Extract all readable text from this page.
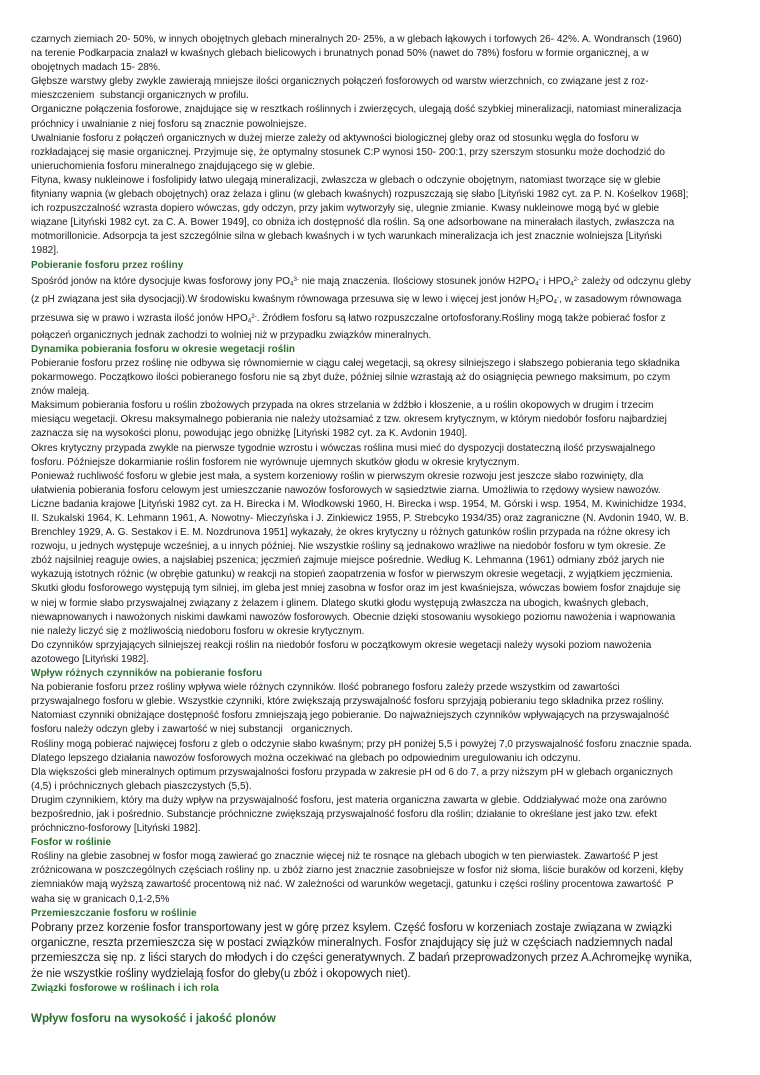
czarnych ziemiach 20- 50%, w innych obojętnych glebach mineralnych 20- 25%, a w glebach łąkowych i torfowych 26- 42%. A. Wondransch (1960)
na terenie Podkarpacia znalazł w kwaśnych glebach bielicowych i brunatnych ponad 50% (nawet do 78%) fosforu w formie organicznej, a w
obojętnych madach 15- 28%.
Głębsze warstwy gleby zwykle zawierają mniejsze ilości organicznych połączeń fosforowych od warstw wierzchnich, co związane jest z roz-
mieszczeniem  substancji organicznych w profilu.
Organiczne połączenia fosforowe, znajdujące się w resztkach roślinnych i zwierzęcych, ulegają dość szybkiej mineralizacji, natomiast mineralizacja
próchnicy i uwalnianie z niej fosforu są znacznie powolniejsze.
Uwalnianie fosforu z połączeń organicznych w dużej mierze zależy od aktywności biologicznej gleby oraz od stosunku węgla do fosforu w
rozkładającej się masie organicznej. Przyjmuje się, że optymalny stosunek C:P wynosi 150- 200:1, przy szerszym stosunku może dochodzić do
unieruchomienia fosforu mineralnego znajdującego się w glebie.
Fityna, kwasy nukleinowe i fosfolipidy łatwo ulegają mineralizacji, zwłaszcza w glebach o odczynie obojętnym, natomiast tworzące się w glebie
fityniany wapnia (w glebach obojętnych) oraz żelaza i glinu (w glebach kwaśnych) rozpuszczają się słabo [Lityński 1982 cyt. za P. N. Kośelkov 1968];
ich rozpuszczalność wzrasta dopiero wówczas, gdy odczyn, przy jakim wytworzyły się, ulegnie zmianie. Kwasy nukleinowe mogą być w glebie
wiązane [Lityński 1982 cyt. za C. A. Bower 1949], co obniża ich dostępność dla roślin. Są one adsorbowane na minerałach ilastych, zwłaszcza na
motmorillonicie. Adsorpcja ta jest szczególnie silna w glebach kwaśnych i w tych warunkach mineralizacja ich jest znacznie wolniejsza [Lityński
1982].
Pobieranie fosforu przez rośliny
Spośród jonów na które dysocjuje kwas fosforowy jony $PO_4^{3-}$ nie mają znaczenia. Ilościowy stosunek jonów $H2PO_4^-$ i $HPO_4^{2-}$ zależy od odczynu gleby
(z pH związana jest siła dysocjacji).W środowisku kwaśnym równowaga przesuwa się w lewo i więcej jest jonów $H_2PO_4^-$, w zasadowym równowaga
przesuwa się w prawo i wzrasta ilość jonów $HPO_4^{2-}$. Źródłem fosforu są łatwo rozpuszczalne ortofosforany.Rośliny mogą także pobierać fosfor z
połączeń organicznych jednak zachodzi to wolniej niż w przypadku związków mineralnych.
Dynamika pobierania fosforu w okresie wegetacji roślin
Pobieranie fosforu przez roślinę nie odbywa się równomiernie w ciągu całej wegetacji, są okresy silniejszego i słabszego pobierania tego składnika
pokarmowego. Początkowo ilości pobieranego fosforu nie są zbyt duże, później silnie wzrastają aż do osiągnięcia pewnego maksimum, po czym
znów maleją.
Maksimum pobierania fosforu u roślin zbożowych przypada na okres strzelania w źdźbło i kłoszenie, a u roślin okopowych w drugim i trzecim
miesiącu wegetacji. Okresu maksymalnego pobierania nie należy utożsamiać z tzw. okresem krytycznym, w którym niedobór fosforu najbardziej
zaznacza się na wysokości plonu, powodując jego obniżkę [Lityński 1982 cyt. za K. Avdonin 1940].
Okres krytyczny przypada zwykle na pierwsze tygodnie wzrostu i wówczas roślina musi mieć do dyspozycji dostateczną ilość przyswajalnego
fosforu. Późniejsze dokarmianie roślin fosforem nie wyrównuje ujemnych skutków głodu w okresie krytycznym.
Ponieważ ruchliwość fosforu w glebie jest mała, a system korzeniowy roślin w pierwszym okresie rozwoju jest jeszcze słabo rozwinięty, dla
ułatwienia pobierania fosforu celowym jest umieszczanie nawozów fosforowych w sąsiedztwie ziarna. Umożliwia to rzędowy wysiew nawozów.
Liczne badania krajowe [Lityński 1982 cyt. za H. Birecka i M. Włodkowski 1960, H. Birecka i wsp. 1954, M. Górski i wsp. 1954, M. Kwinichidze 1934,
II. Szukalski 1964, K. Lehmann 1961, A. Nowotny- Mieczyńska i J. Zinkiewicz 1955, P. Strebcyko 1934/35) oraz zagraniczne (N. Avdonin 1940, W. B.
Brenchley 1929, A. G. Sestakov i E. M. Nozdrunova 1951] wykazały, że okres krytyczny u różnych gatunków roślin przypada na różne okresy ich
rozwoju, u jednych występuje wcześniej, a u innych później. Nie wszystkie rośliny są jednakowo wrażliwe na niedobór fosforu w tym okresie. Ze
zbóż najsilniej reaguje owies, a najsłabiej pszenica; jęczmień zajmuje miejsce pośrednie. Według K. Lehmanna (1961) odmiany zbóż jarych nie
wykazują istotnych różnic (w obrębie gatunku) w reakcji na stopień zaopatrzenia w fosfor w pierwszym okresie wegetacji, z wyjątkiem jęczmienia.
Skutki głodu fosforowego występują tym silniej, im gleba jest mniej zasobna w fosfor oraz im jest kwaśniejsza, wówczas bowiem fosfor znajduje się
w niej w formie słabo przyswajalnej związany z żelazem i glinem. Dlatego skutki głodu występują zwłaszcza na ubogich, kwaśnych glebach,
niewapnowanych i nawożonych niskimi dawkami nawozów fosforowych. Obecnie dzięki stosowaniu wysokiego poziomu nawożenia i wapnowania
nie należy liczyć się z możliwością niedoboru fosforu w okresie krytycznym.
Do czynników sprzyjających silniejszej reakcji roślin na niedobór fosforu w początkowym okresie wegetacji należy wysoki poziom nawożenia
azotowego [Lityński 1982].
Wpływ różnych czynników na pobieranie fosforu
Na pobieranie fosforu przez rośliny wpływa wiele różnych czynników. Ilość pobranego fosforu zależy przede wszystkim od zawartości
przyswajalnego fosforu w glebie. Wszystkie czynniki, które zwiększają przyswajalność fosforu sprzyjają pobieraniu tego składnika przez rośliny.
Natomiast czynniki obniżające dostępność fosforu zmniejszają jego pobieranie. Do najważniejszych czynników wpływających na przyswajalność
fosforu należy odczyn gleby i zawartość w niej substancji   organicznych.
Rośliny mogą pobierać najwięcej fosforu z gleb o odczynie słabo kwaśnym; przy pH poniżej 5,5 i powyżej 7,0 przyswajalność fosforu znacznie spada.
Dlatego lepszego działania nawozów fosforowych można oczekiwać na glebach po odpowiednim uregulowaniu ich odczynu.
Dla większości gleb mineralnych optimum przyswajalności fosforu przypada w zakresie pH od 6 do 7, a przy niższym pH w glebach organicznych
(4,5) i próchnicznych glebach piaszczystych (5,5).
Drugim czynnikiem, który ma duży wpływ na przyswajalność fosforu, jest materia organiczna zawarta w glebie. Oddziaływać może ona zarówno
bezpośrednio, jak i pośrednio. Substancje próchniczne zwiększają przyswajalność fosforu dla roślin; działanie to określane jest jako tzw. efekt
próchniczno-fosforowy [Lityński 1982].
Fosfor w roślinie
Rośliny na glebie zasobnej w fosfor mogą zawierać go znacznie więcej niż te rosnące na glebach ubogich w ten pierwiastek. Zawartość P jest
zróżnicowana w poszczególnych częściach rośliny np. u zbóż ziarno jest znacznie zasobniejsze w fosfor niż słoma, liście buraków od korzeni, kłęby
ziemniaków mają wyższą zawartość procentową niż nać. W zależności od warunków wegetacji, gatunku i części rośliny procentowa zawartość  P
waha się w granicach 0,1-2,5%
Przemieszczanie fosforu w roślinie
Pobrany przez korzenie fosfor transportowany jest w górę przez ksylem. Część fosforu w korzeniach zostaje związana w związki
organiczne, reszta przemieszcza się w postaci związków mineralnych. Fosfor znajdujący się już w częściach nadziemnych nadal
przemieszcza się np. z liści starych do młodych i do części generatywnych. Z badań przeprowadzonych przez A.Achromejkę wynika,
że nie wszystkie rośliny wydzielają fosfor do gleby(u zbóż i okopowych niet).
Związki fosforowe w roślinach i ich rola
Wpływ fosforu na wysokość i jakość plonów
